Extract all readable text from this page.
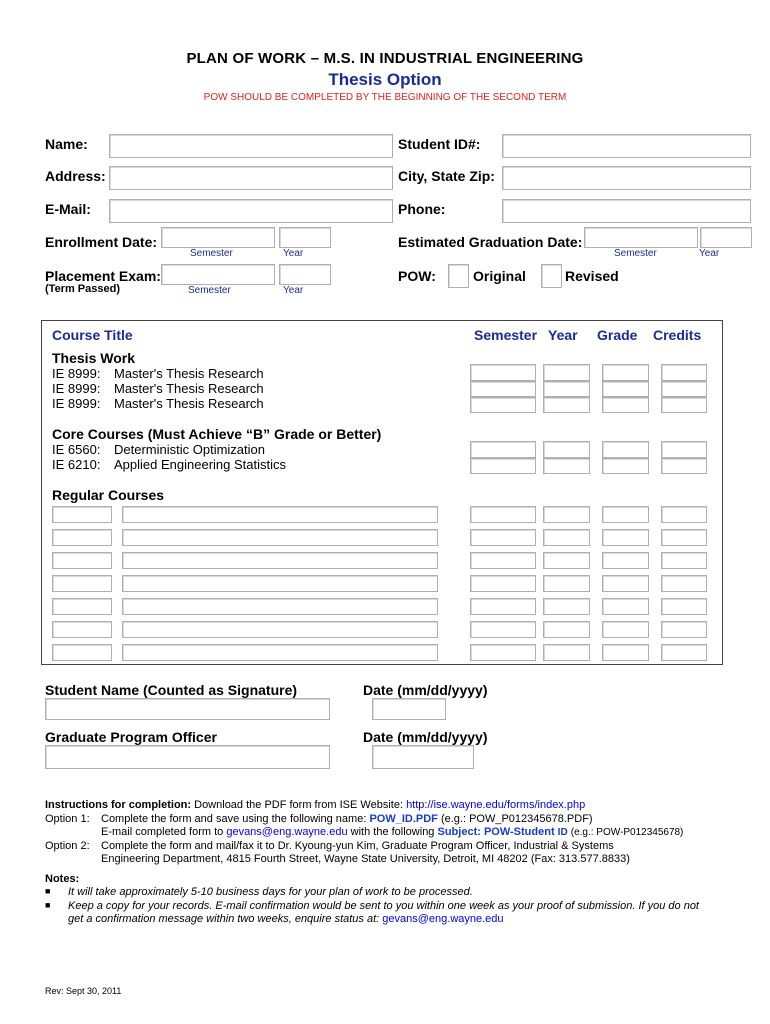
PLAN OF WORK – M.S. IN INDUSTRIAL ENGINEERING
Thesis Option
POW SHOULD BE COMPLETED BY THE BEGINNING OF THE SECOND TERM
Name:	Student ID#:
Address:	City, State Zip:
E-Mail:	Phone:
Enrollment Date:
Semester	Year
Estimated Graduation Date:
Semester	Year
Placement Exam:
(Term Passed)	Semester	Year
POW:	Original	Revised
Course Title	Semester Year Grade Credits
Thesis Work
IE 8999: Master's Thesis Research
IE 8999: Master's Thesis Research
IE 8999: Master's Thesis Research
Core Courses (Must Achieve “B” Grade or Better)
IE 6560: Deterministic Optimization
IE 6210: Applied Engineering Statistics
Regular Courses
Student Name (Counted as Signature)	Date (mm/dd/yyyy)
Graduate Program Officer	Date (mm/dd/yyyy)
Instructions for completion: Download the PDF form from ISE Website: http://ise.wayne.edu/forms/index.php
Option 1: Complete the form and save using the following name: POW_ID.PDF (e.g.: POW_P012345678.PDF)
E-mail completed form to gevans@eng.wayne.edu with the following Subject: POW-Student ID (e.g.: POW-P012345678)
Option 2: Complete the form and mail/fax it to Dr. Kyoung-yun Kim, Graduate Program Officer, Industrial & Systems
Engineering Department, 4815 Fourth Street, Wayne State University, Detroit, MI 48202 (Fax: 313.577.8833)
Notes:
■ It will take approximately 5-10 business days for your plan of work to be processed.
■ Keep a copy for your records. E-mail confirmation would be sent to you within one week as your proof of submission. If you do not
get a confirmation message within two weeks, enquire status at: gevans@eng.wayne.edu
Rev: Sept 30, 2011
